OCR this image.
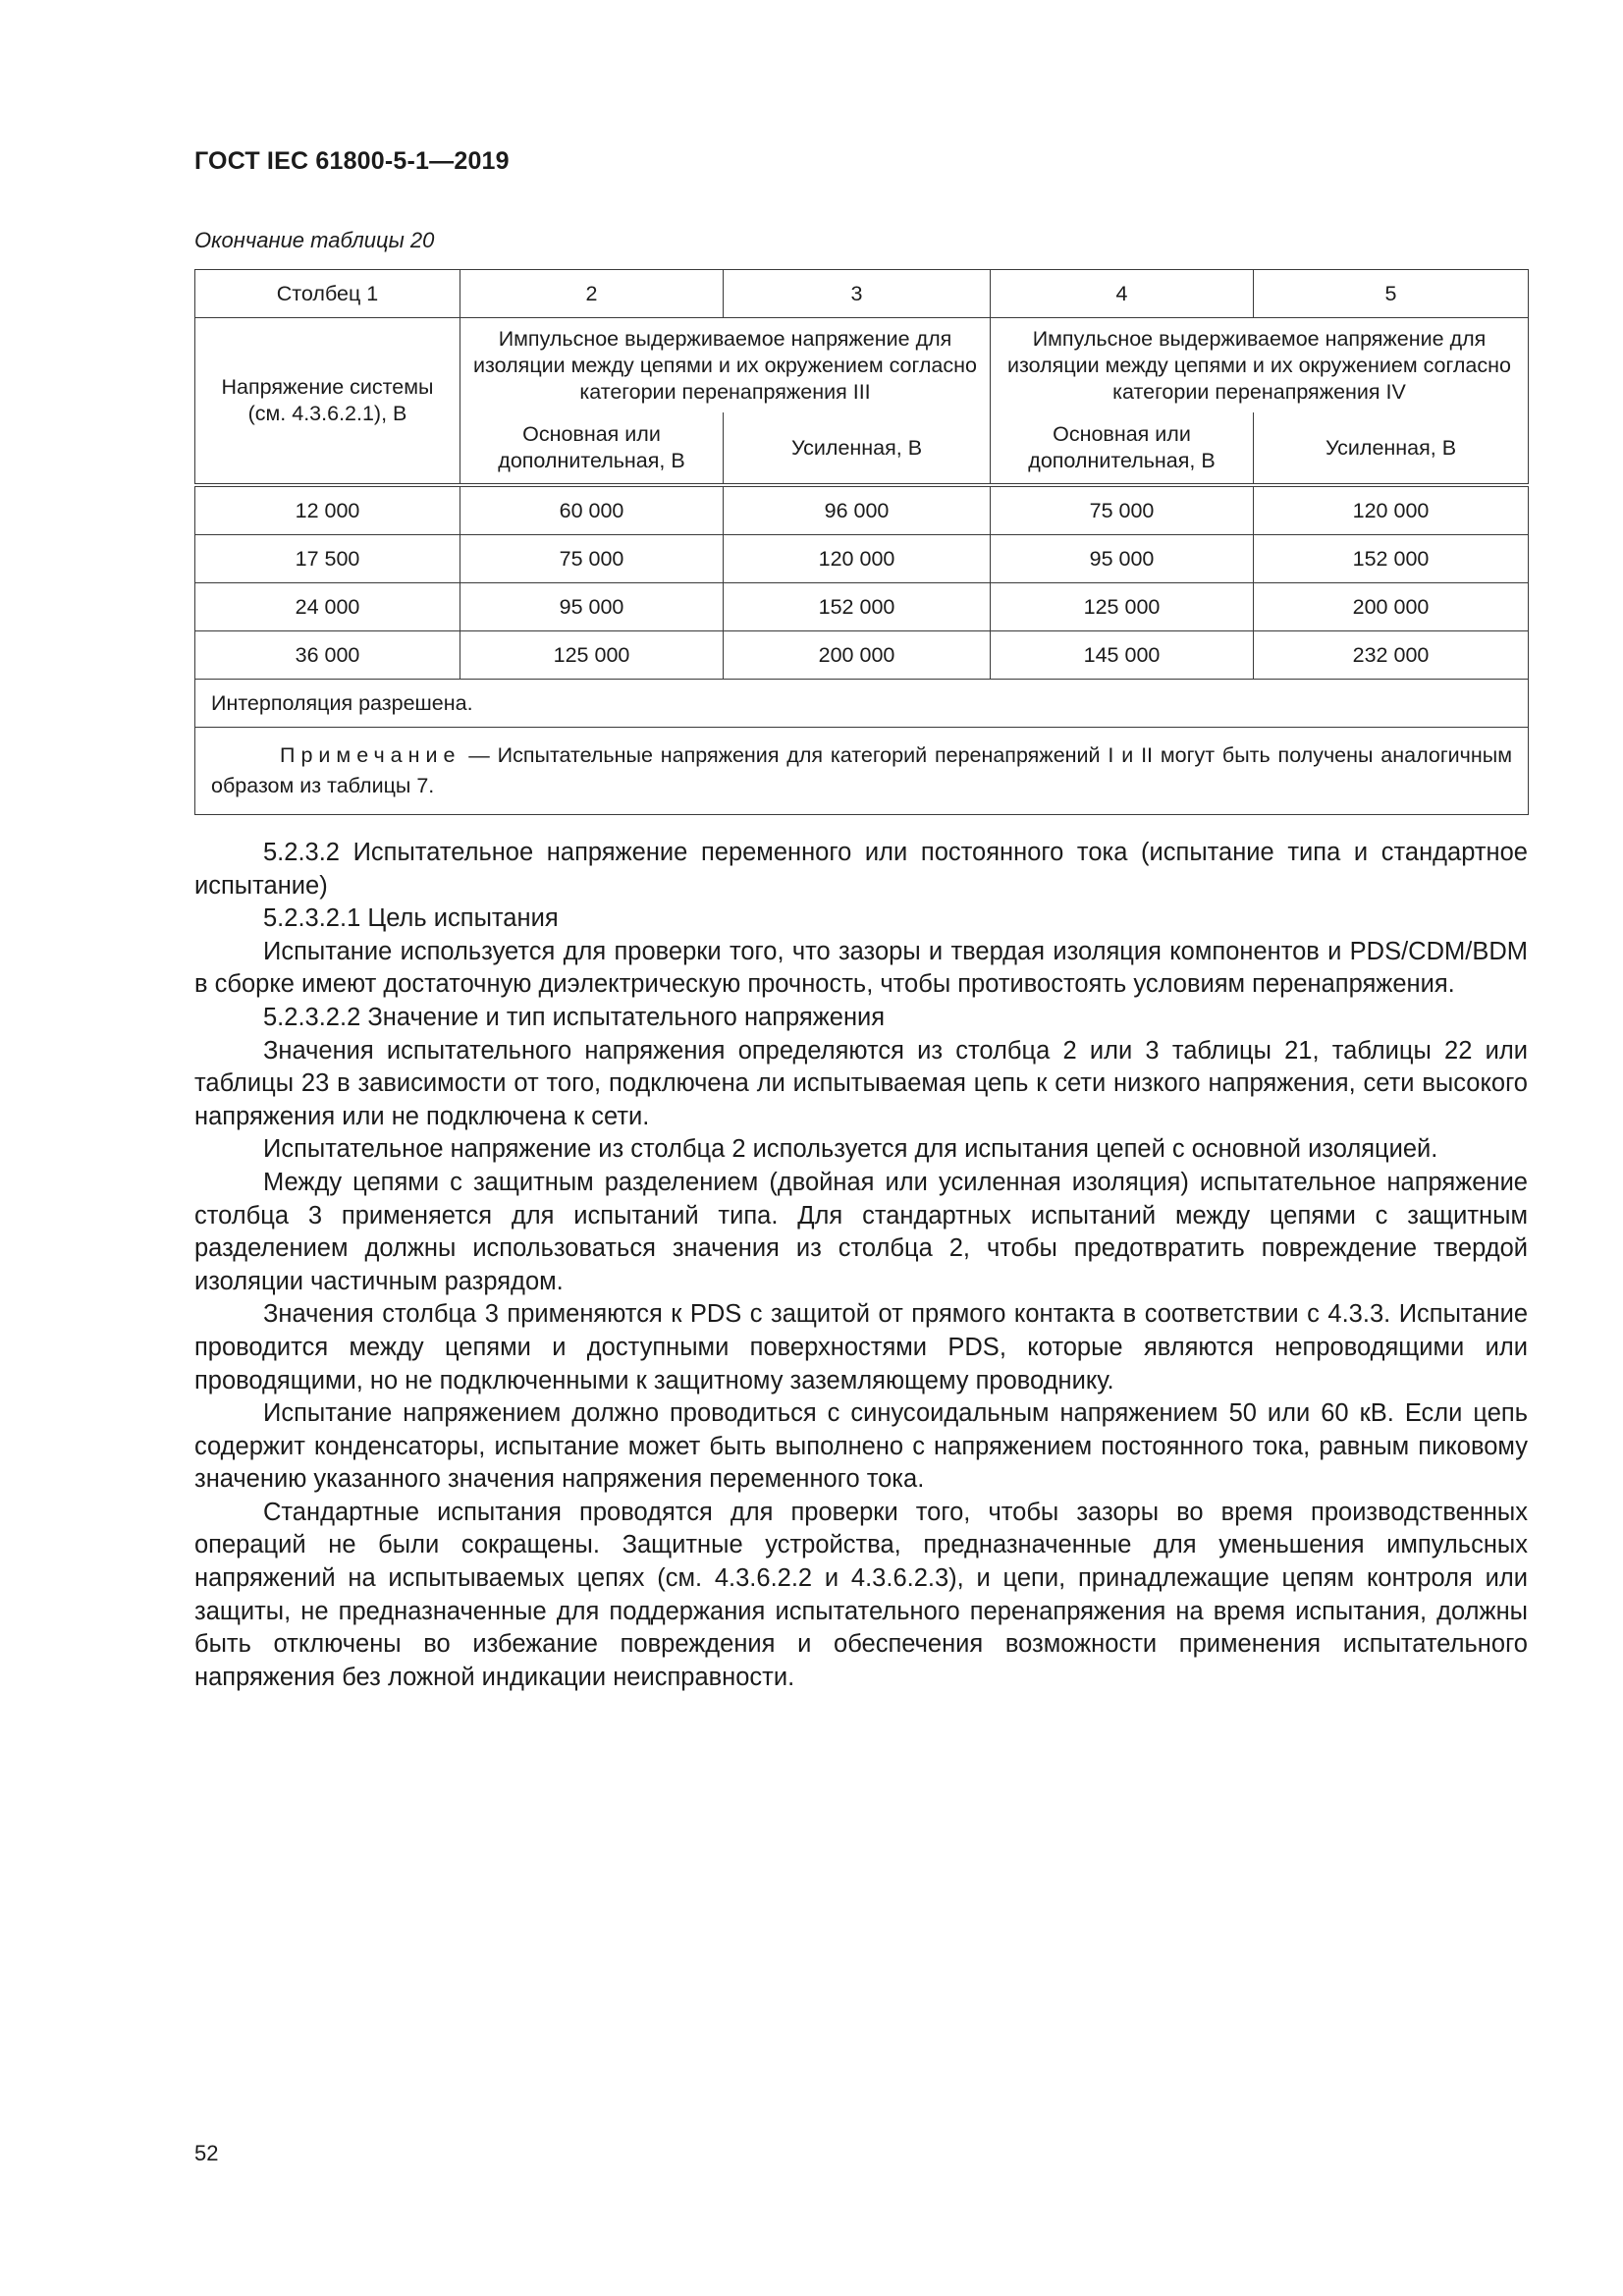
ГОСТ IEC 61800-5-1—2019
Окончание таблицы 20
Столбец 1	2	3	4	5
Напряжение системы (см. 4.3.6.2.1), В	Импульсное выдерживаемое напряжение для изоляции между цепями и их окружением согласно категории перенапряжения III		Импульсное выдерживаемое напряжение для изоляции между цепями и их окружением согласно категории перенапряжения IV	
	Основная или дополнительная, В	Усиленная, В	Основная или дополнительная, В	Усиленная, В
12 000	60 000	96 000	75 000	120 000
17 500	75 000	120 000	95 000	152 000
24 000	95 000	152 000	125 000	200 000
36 000	125 000	200 000	145 000	232 000
Интерполяция разрешена.				
Примечание — Испытательные напряжения для категорий перенапряжений I и II могут быть получены аналогичным образом из таблицы 7.				

5.2.3.2 Испытательное напряжение переменного или постоянного тока (испытание типа и стандартное испытание)

5.2.3.2.1 Цель испытания

Испытание используется для проверки того, что зазоры и твердая изоляция компонентов и PDS/CDM/BDM в сборке имеют достаточную диэлектрическую прочность, чтобы противостоять условиям перенапряжения.

5.2.3.2.2 Значение и тип испытательного напряжения

Значения испытательного напряжения определяются из столбца 2 или 3 таблицы 21, таблицы 22 или таблицы 23 в зависимости от того, подключена ли испытываемая цепь к сети низкого напряжения, сети высокого напряжения или не подключена к сети.

Испытательное напряжение из столбца 2 используется для испытания цепей с основной изоляцией.

Между цепями с защитным разделением (двойная или усиленная изоляция) испытательное напряжение столбца 3 применяется для испытаний типа. Для стандартных испытаний между цепями с защитным разделением должны использоваться значения из столбца 2, чтобы предотвратить повреждение твердой изоляции частичным разрядом.

Значения столбца 3 применяются к PDS с защитой от прямого контакта в соответствии с 4.3.3. Испытание проводится между цепями и доступными поверхностями PDS, которые являются непроводящими или проводящими, но не подключенными к защитному заземляющему проводнику.

Испытание напряжением должно проводиться с синусоидальным напряжением 50 или 60 кВ. Если цепь содержит конденсаторы, испытание может быть выполнено с напряжением постоянного тока, равным пиковому значению указанного значения напряжения переменного тока.

Стандартные испытания проводятся для проверки того, чтобы зазоры во время производственных операций не были сокращены. Защитные устройства, предназначенные для уменьшения импульсных напряжений на испытываемых цепях (см. 4.3.6.2.2 и 4.3.6.2.3), и цепи, принадлежащие цепям контроля или защиты, не предназначенные для поддержания испытательного перенапряжения на время испытания, должны быть отключены во избежание повреждения и обеспечения возможности применения испытательного напряжения без ложной индикации неисправности.

52
